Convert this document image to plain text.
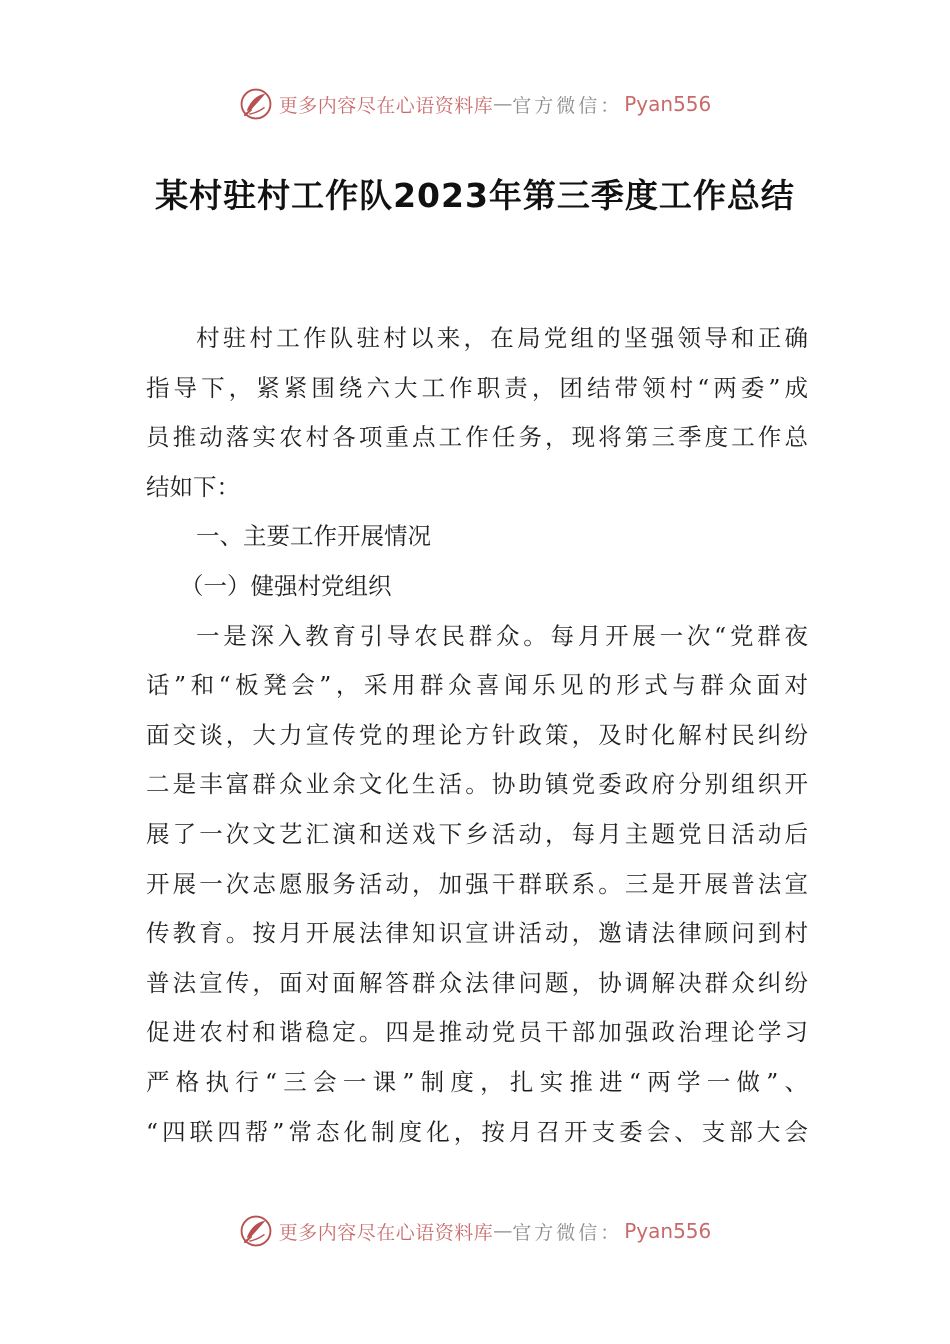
更多内容尽在心语资料库 — 官方微信： Pyan556
某村驻村工作队2023年第三季度工作总结
村驻村工作队驻村以来，在局党组的坚强领导和正确
指导下，紧紧围绕六大工作职责，团结带领村“两委”成
员推动落实农村各项重点工作任务，现将第三季度工作总
结如下：
一、主要工作开展情况
（一）健强村党组织
一是深入教育引导农民群众。每月开展一次“党群夜
话”和“板凳会”，采用群众喜闻乐见的形式与群众面对
面交谈，大力宣传党的理论方针政策，及时化解村民纠纷
二是丰富群众业余文化生活。协助镇党委政府分别组织开
展了一次文艺汇演和送戏下乡活动，每月主题党日活动后
开展一次志愿服务活动，加强干群联系。三是开展普法宣
传教育。按月开展法律知识宣讲活动，邀请法律顾问到村
普法宣传，面对面解答群众法律问题，协调解决群众纠纷
促进农村和谐稳定。四是推动党员干部加强政治理论学习
严格执行“三会一课”制度，扎实推进“两学一做”、
“四联四帮”常态化制度化，按月召开支委会、支部大会
更多内容尽在心语资料库 — 官方微信： Pyan556
